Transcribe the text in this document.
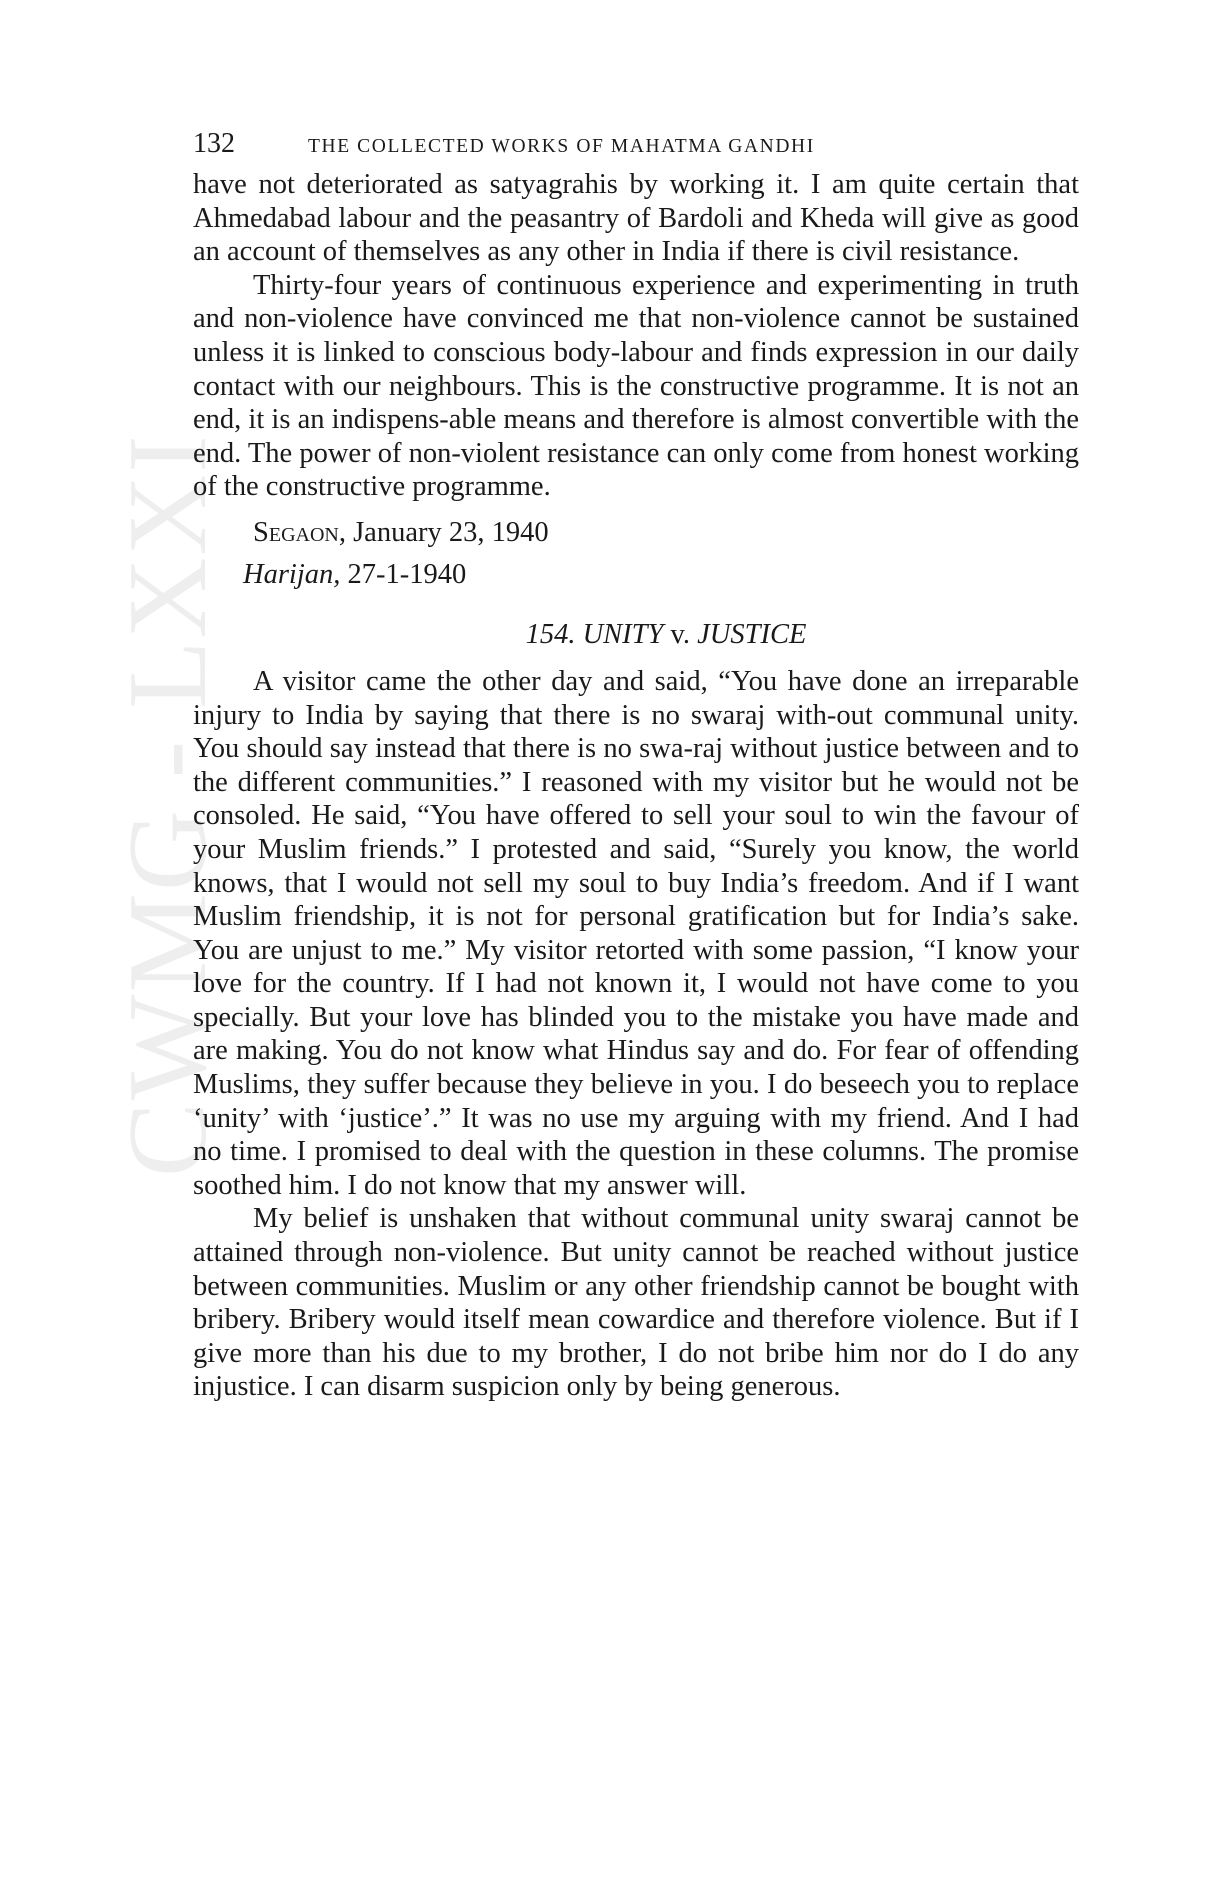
CWMG - LXXI
132	THE COLLECTED WORKS OF MAHATMA GANDHI

have not deteriorated as satyagrahis by working it. I am quite certain that Ahmedabad labour and the peasantry of Bardoli and Kheda will give as good an account of themselves as any other in India if there is civil resistance.

Thirty-four years of continuous experience and experimenting in truth and non-violence have convinced me that non-violence cannot be sustained unless it is linked to conscious body-labour and finds expression in our daily contact with our neighbours. This is the constructive programme. It is not an end, it is an indispens-able means and therefore is almost convertible with the end. The power of non-violent resistance can only come from honest working of the constructive programme.

Segaon, January 23, 1940
Harijan, 27-1-1940
154. UNITY v. JUSTICE

A visitor came the other day and said, “You have done an irreparable injury to India by saying that there is no swaraj with-out communal unity. You should say instead that there is no swa-raj without justice between and to the different communities.” I reasoned with my visitor but he would not be consoled. He said, “You have offered to sell your soul to win the favour of your Muslim friends.” I protested and said, “Surely you know, the world knows, that I would not sell my soul to buy India’s freedom. And if I want Muslim friendship, it is not for personal gratification but for India’s sake. You are unjust to me.” My visitor retorted with some passion, “I know your love for the country. If I had not known it, I would not have come to you specially. But your love has blinded you to the mistake you have made and are making. You do not know what Hindus say and do. For fear of offending Muslims, they suffer because they believe in you. I do beseech you to replace ‘unity’ with ‘justice’.” It was no use my arguing with my friend. And I had no time. I promised to deal with the question in these columns. The promise soothed him. I do not know that my answer will.

My belief is unshaken that without communal unity swaraj cannot be attained through non-violence. But unity cannot be reached without justice between communities. Muslim or any other friendship cannot be bought with bribery. Bribery would itself mean cowardice and therefore violence. But if I give more than his due to my brother, I do not bribe him nor do I do any injustice. I can disarm suspicion only by being generous.
